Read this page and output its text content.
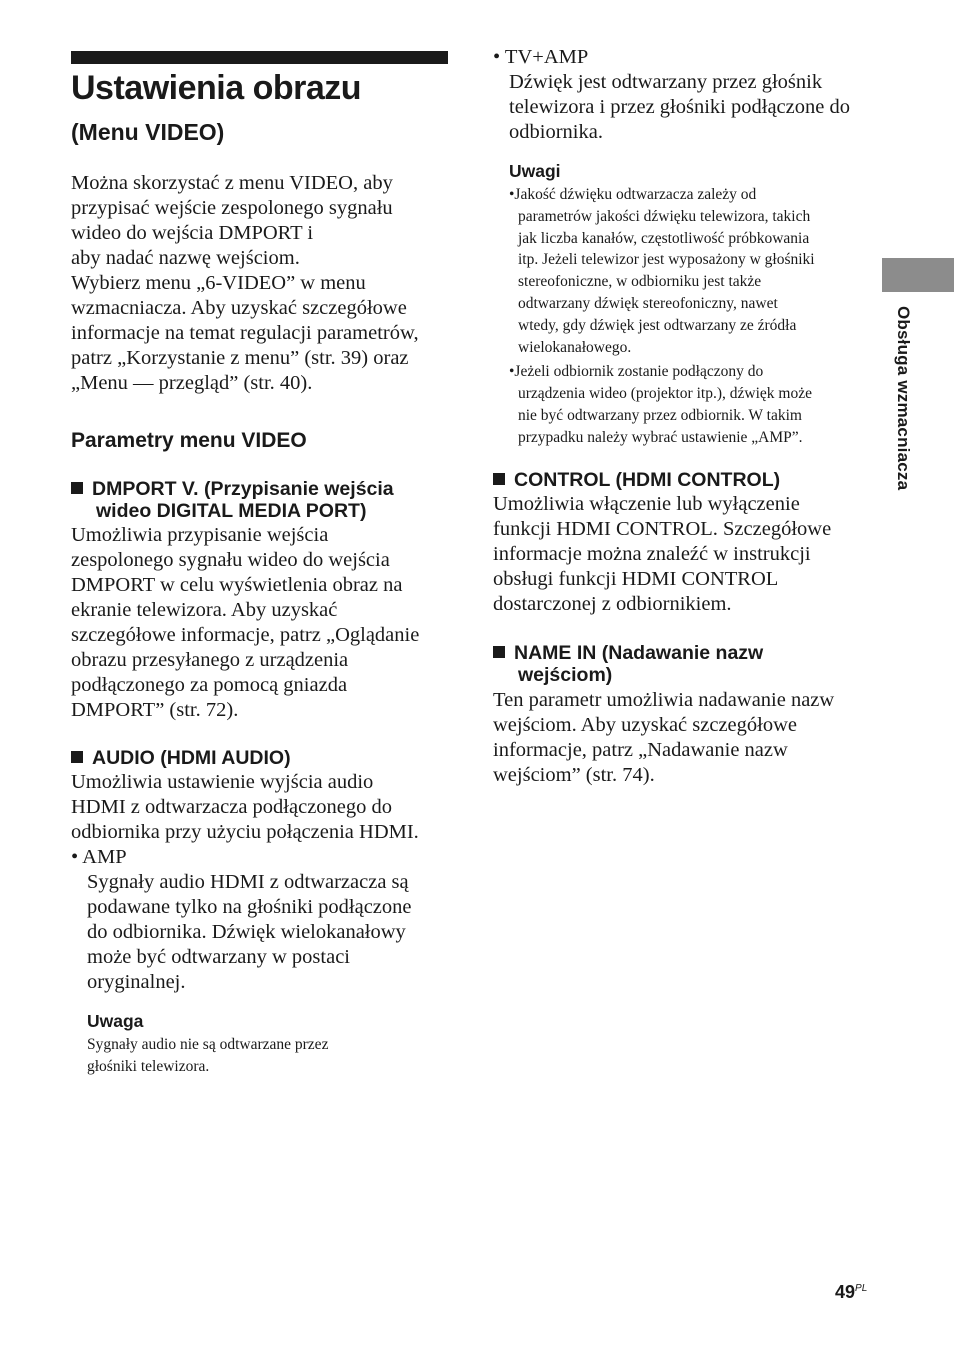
Ustawienia obrazu
(Menu VIDEO)

Można skorzystać z menu VIDEO, aby

przypisać wejście zespolonego sygnału

wideo do wejścia DMPORT i

aby nadać nazwę wejściom.

Wybierz menu „6-VIDEO” w menu

wzmacniacza. Aby uzyskać szczegółowe

informacje na temat regulacji parametrów,

patrz „Korzystanie z menu” (str. 39) oraz

„Menu — przegląd” (str. 40).

Parametry menu VIDEO
DMPORT V. (Przypisanie wejścia
wideo DIGITAL MEDIA PORT)

Umożliwia przypisanie wejścia

zespolonego sygnału wideo do wejścia

DMPORT w celu wyświetlenia obraz na

ekranie telewizora. Aby uzyskać

szczegółowe informacje, patrz „Oglądanie

obrazu przesyłanego z urządzenia

podłączonego za pomocą gniazda

DMPORT” (str. 72).

AUDIO (HDMI AUDIO)

Umożliwia ustawienie wyjścia audio

HDMI z odtwarzacza podłączonego do

odbiornika przy użyciu połączenia HDMI.

• AMP

Sygnały audio HDMI z odtwarzacza są

podawane tylko na głośniki podłączone

do odbiornika. Dźwięk wielokanałowy

może być odtwarzany w postaci

oryginalnej.

Uwaga

Sygnały audio nie są odtwarzane przez

głośniki telewizora.

• TV+AMP

Dźwięk jest odtwarzany przez głośnik

telewizora i przez głośniki podłączone do

odbiornika.

Uwagi

•Jakość dźwięku odtwarzacza zależy od

parametrów jakości dźwięku telewizora, takich

jak liczba kanałów, częstotliwość próbkowania

itp. Jeżeli telewizor jest wyposażony w głośniki

stereofoniczne, w odbiorniku jest także

odtwarzany dźwięk stereofoniczny, nawet

wtedy, gdy dźwięk jest odtwarzany ze źródła

wielokanałowego.

•Jeżeli odbiornik zostanie podłączony do

urządzenia wideo (projektor itp.), dźwięk może

nie być odtwarzany przez odbiornik. W takim

przypadku należy wybrać ustawienie „AMP”.

CONTROL (HDMI CONTROL)

Umożliwia włączenie lub wyłączenie

funkcji HDMI CONTROL. Szczegółowe

informacje można znaleźć w instrukcji

obsługi funkcji HDMI CONTROL

dostarczonej z odbiornikiem.

NAME IN (Nadawanie nazw
wejściom)

Ten parametr umożliwia nadawanie nazw

wejściom. Aby uzyskać szczegółowe

informacje, patrz „Nadawanie nazw

wejściom” (str. 74).

Obsługa wzmacniacza
$49^{PL}$
